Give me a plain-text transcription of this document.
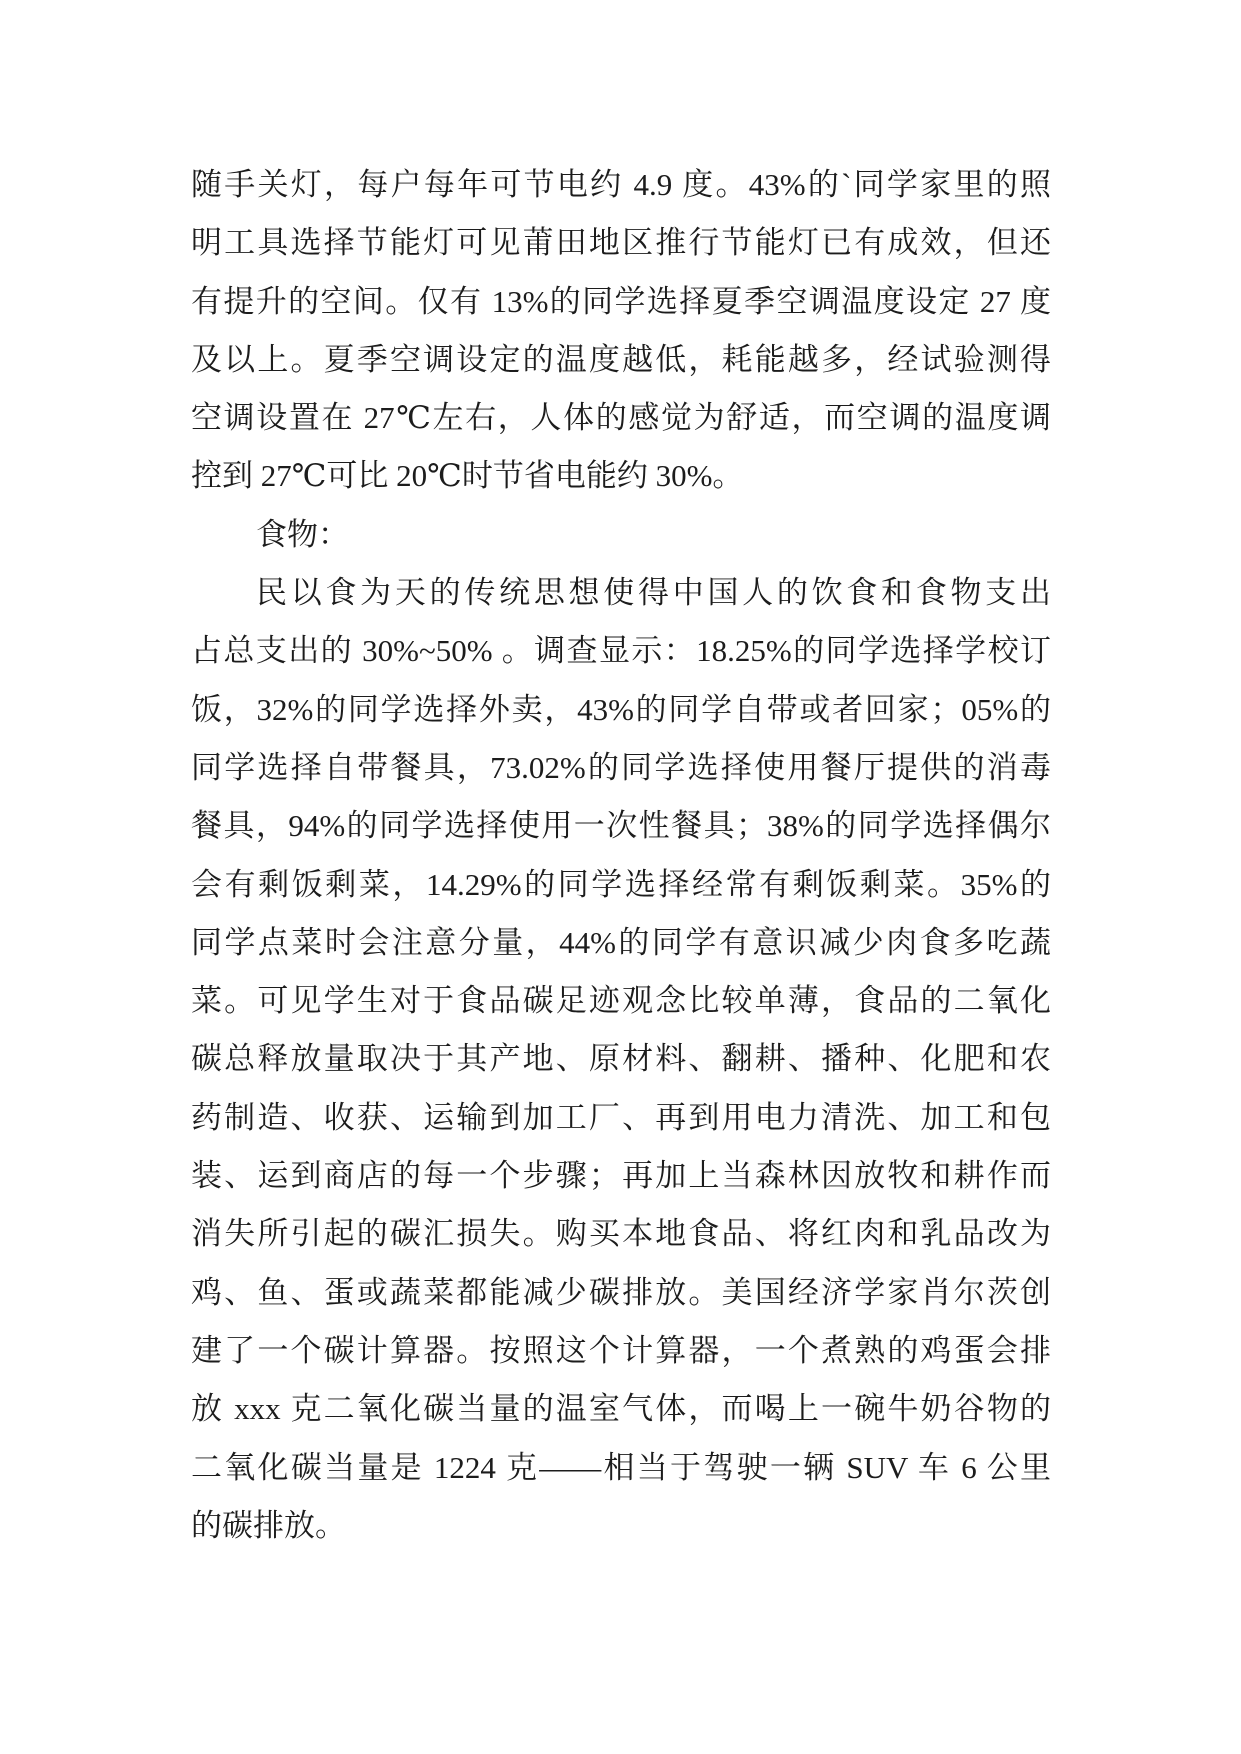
随手关灯，每户每年可节电约 4.9 度。43%的`同学家里的照
明工具选择节能灯可见莆田地区推行节能灯已有成效，但还
有提升的空间。仅有 13%的同学选择夏季空调温度设定 27 度
及以上。夏季空调设定的温度越低，耗能越多，经试验测得
空调设置在 27℃左右，人体的感觉为舒适，而空调的温度调
控到 27℃可比 20℃时节省电能约 30%。
食物：
民以食为天的传统思想使得中国人的饮食和食物支出
占总支出的 30%~50% 。调查显示：18.25%的同学选择学校订
饭，32%的同学选择外卖，43%的同学自带或者回家；05%的
同学选择自带餐具，73.02%的同学选择使用餐厅提供的消毒
餐具，94%的同学选择使用一次性餐具；38%的同学选择偶尔
会有剩饭剩菜，14.29%的同学选择经常有剩饭剩菜。35%的
同学点菜时会注意分量，44%的同学有意识减少肉食多吃蔬
菜。可见学生对于食品碳足迹观念比较单薄，食品的二氧化
碳总释放量取决于其产地、原材料、翻耕、播种、化肥和农
药制造、收获、运输到加工厂、再到用电力清洗、加工和包
装、运到商店的每一个步骤；再加上当森林因放牧和耕作而
消失所引起的碳汇损失。购买本地食品、将红肉和乳品改为
鸡、鱼、蛋或蔬菜都能减少碳排放。美国经济学家肖尔茨创
建了一个碳计算器。按照这个计算器，一个煮熟的鸡蛋会排
放 xxx 克二氧化碳当量的温室气体，而喝上一碗牛奶谷物的
二氧化碳当量是 1224 克——相当于驾驶一辆 SUV 车 6 公里
的碳排放。
